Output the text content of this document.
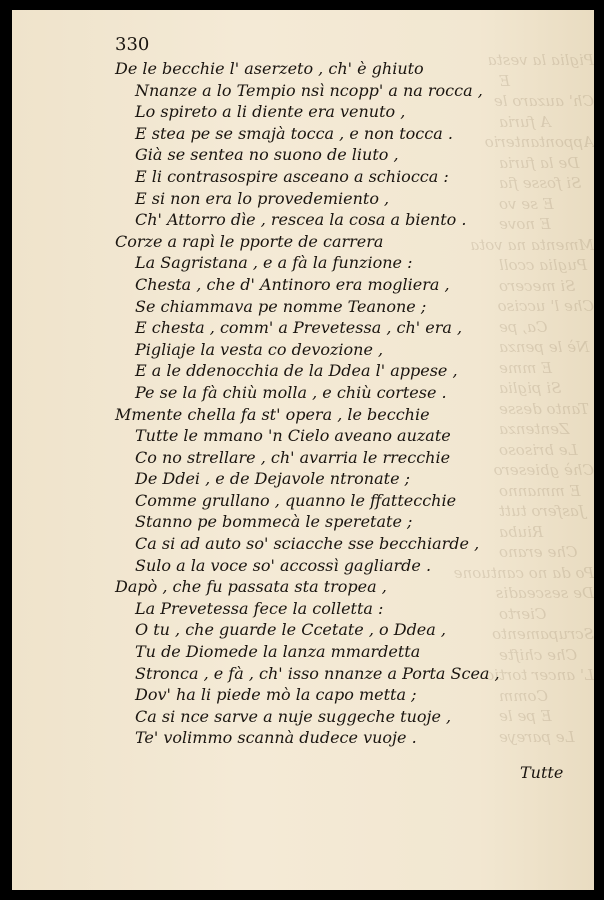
Piglia la vesta
E
Ch' auzaro le
A furia
Appontanterio
De la furia
Si fosse fia
E se vo
E nove
Mmenta na vota
Puglia ccoll
Si mecero
Che l' ucciso
Ca, pe
Nè le penza
E mme
Si piglia
Tanto desse
Zentenza
Le brisoso
Chè gbiesero
E mmanno
Jasfero tutt
Riuba
Che erano
Po da no cantuone
De sesceadis
Cierto
Scrupamento
Che chifte
L' ancer tortio
Comm
E pe le
Le pareye
330
De le becchie l' aserzeto , ch' è ghiuto
Nnanze a lo Tempio nsì ncopp' a na rocca ,
Lo spireto a li diente era venuto ,
E stea pe se smajà tocca , e non tocca .
Già se sentea no suono de liuto ,
E li contrasospire asceano a schiocca :
E si non era lo provedemiento ,
Ch' Attorro dìe , rescea la cosa a biento .
Corze a rapì le pporte de carrera
La Sagristana , e a fà la funzione :
Chesta , che d' Antinoro era mogliera ,
Se chiammava pe nomme Teanone ;
E chesta , comm' a Prevetessa , ch' era ,
Pigliaje la vesta co devozione ,
E a le ddenocchia de la Ddea l' appese ,
Pe se la fà chiù molla , e chiù cortese .
Mmente chella fa st' opera , le becchie
Tutte le mmano 'n Cielo aveano auzate
Co no strellare , ch' avarria le rrecchie
De Ddei , e de Dejavole ntronate ;
Comme grullano , quanno le ffattecchie
Stanno pe bommecà le speretate ;
Ca si ad auto so' sciacche sse becchiarde ,
Sulo a la voce so' accossì gagliarde .
Dapò , che fu passata sta tropea ,
La Prevetessa fece la colletta :
O tu , che guarde le Ccetate , o Ddea ,
Tu de Diomede la lanza mmardetta
Stronca , e fà , ch' isso nnanze a Porta Scea ,
Dov' ha li piede mò la capo metta ;
Ca si nce sarve a nuje suggeche tuoje ,
Te' volimmo scannà dudece vuoje .
Tutte
